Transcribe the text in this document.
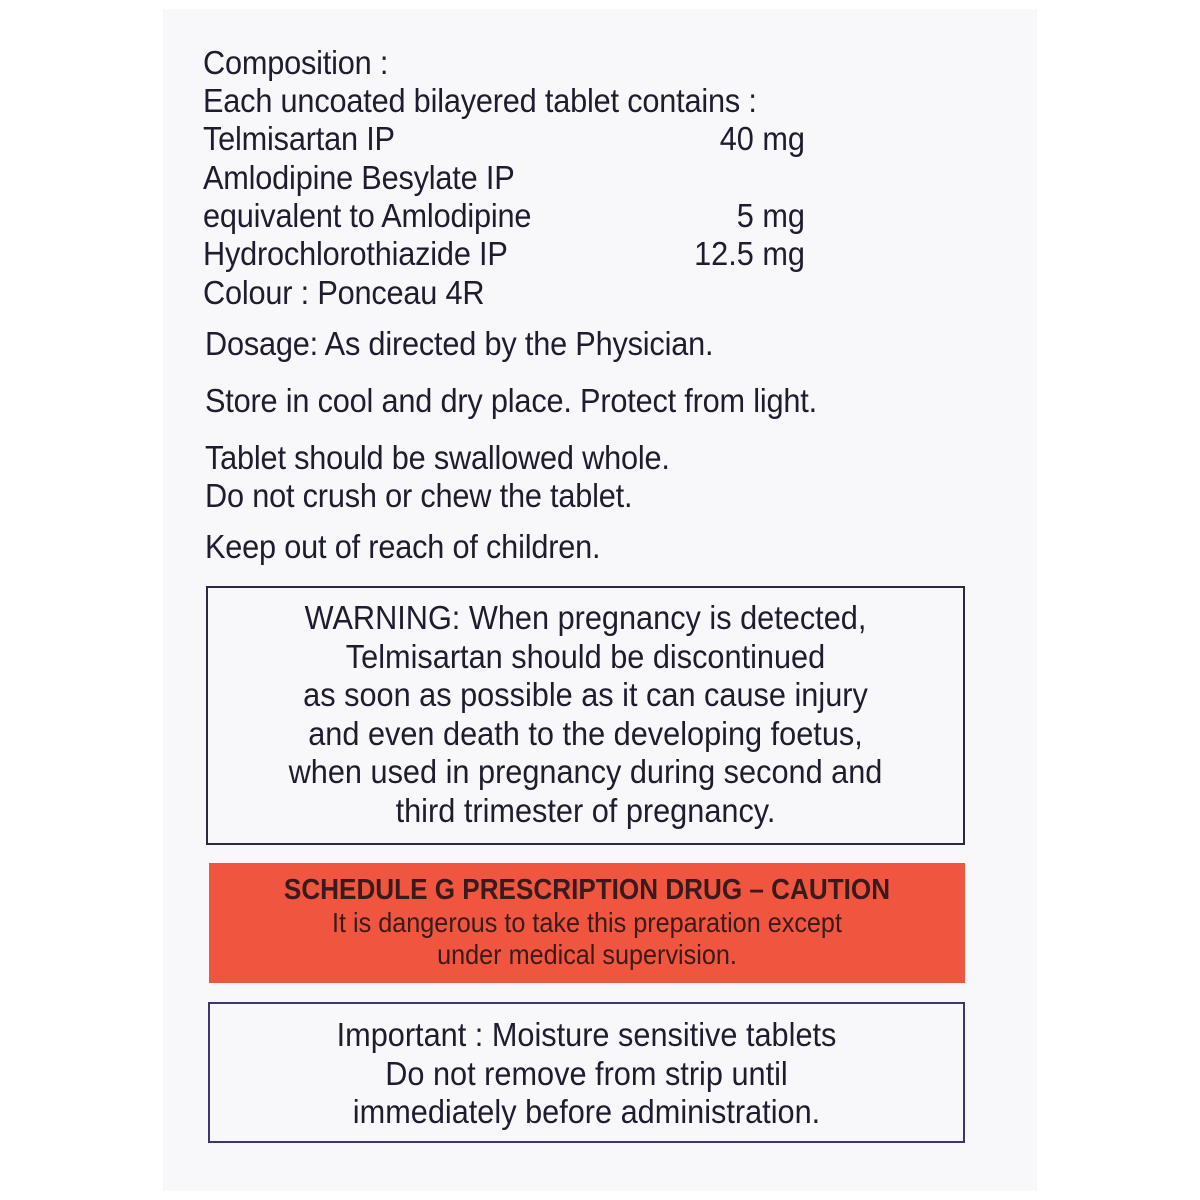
Composition :
Each uncoated bilayered tablet contains :
Telmisartan IP	40 mg
Amlodipine Besylate IP
equivalent to Amlodipine	5 mg
Hydrochlorothiazide IP	12.5 mg
Colour : Ponceau 4R
Dosage: As directed by the Physician.
Store in cool and dry place. Protect from light.
Tablet should be swallowed whole.
Do not crush or chew the tablet.
Keep out of reach of children.
WARNING: When pregnancy is detected,
Telmisartan should be discontinued
as soon as possible as it can cause injury
and even death to the developing foetus,
when used in pregnancy during second and
third trimester of pregnancy.
SCHEDULE G PRESCRIPTION DRUG – CAUTION
It is dangerous to take this preparation except
under medical supervision.
Important : Moisture sensitive tablets
Do not remove from strip until
immediately before administration.
